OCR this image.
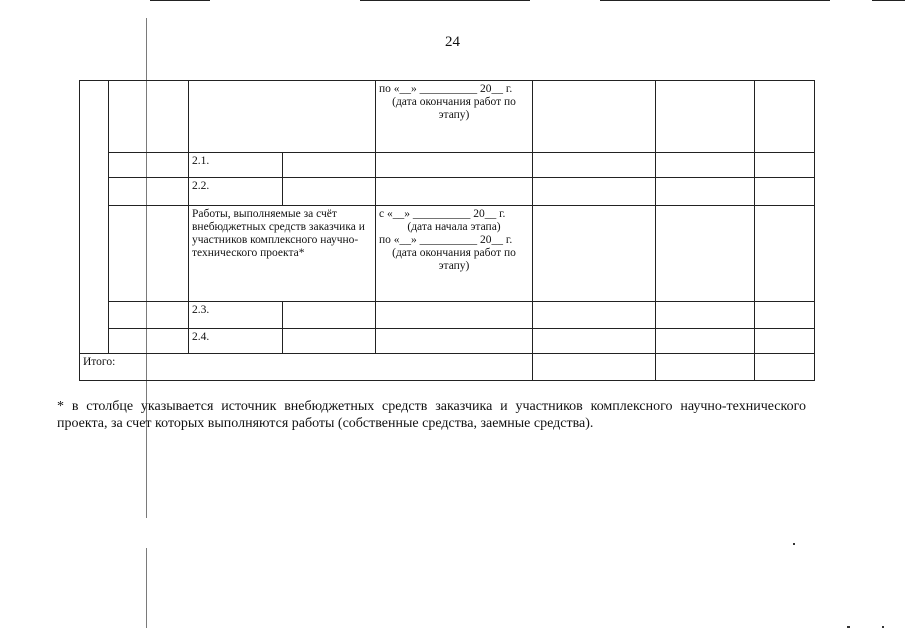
24

				по «__» __________ 20__ г.
(дата окончания работ по этапу)			

		2.1.					
		2.2.					
		Работы, выполняемые за счёт внебюджетных средств заказчика и участников комплексного научно-технического проекта*		с «__» __________ 20__ г.
(дата начала этапа)
по «__» __________ 20__ г.
(дата окончания работ по этапу)			

		2.3.					
		2.4.					
Итого:							
* в столбце указывается источник внебюджетных средств заказчика и участников комплексного научно-технического проекта, за счет которых выполняются работы (собственные средства, заемные средства).
